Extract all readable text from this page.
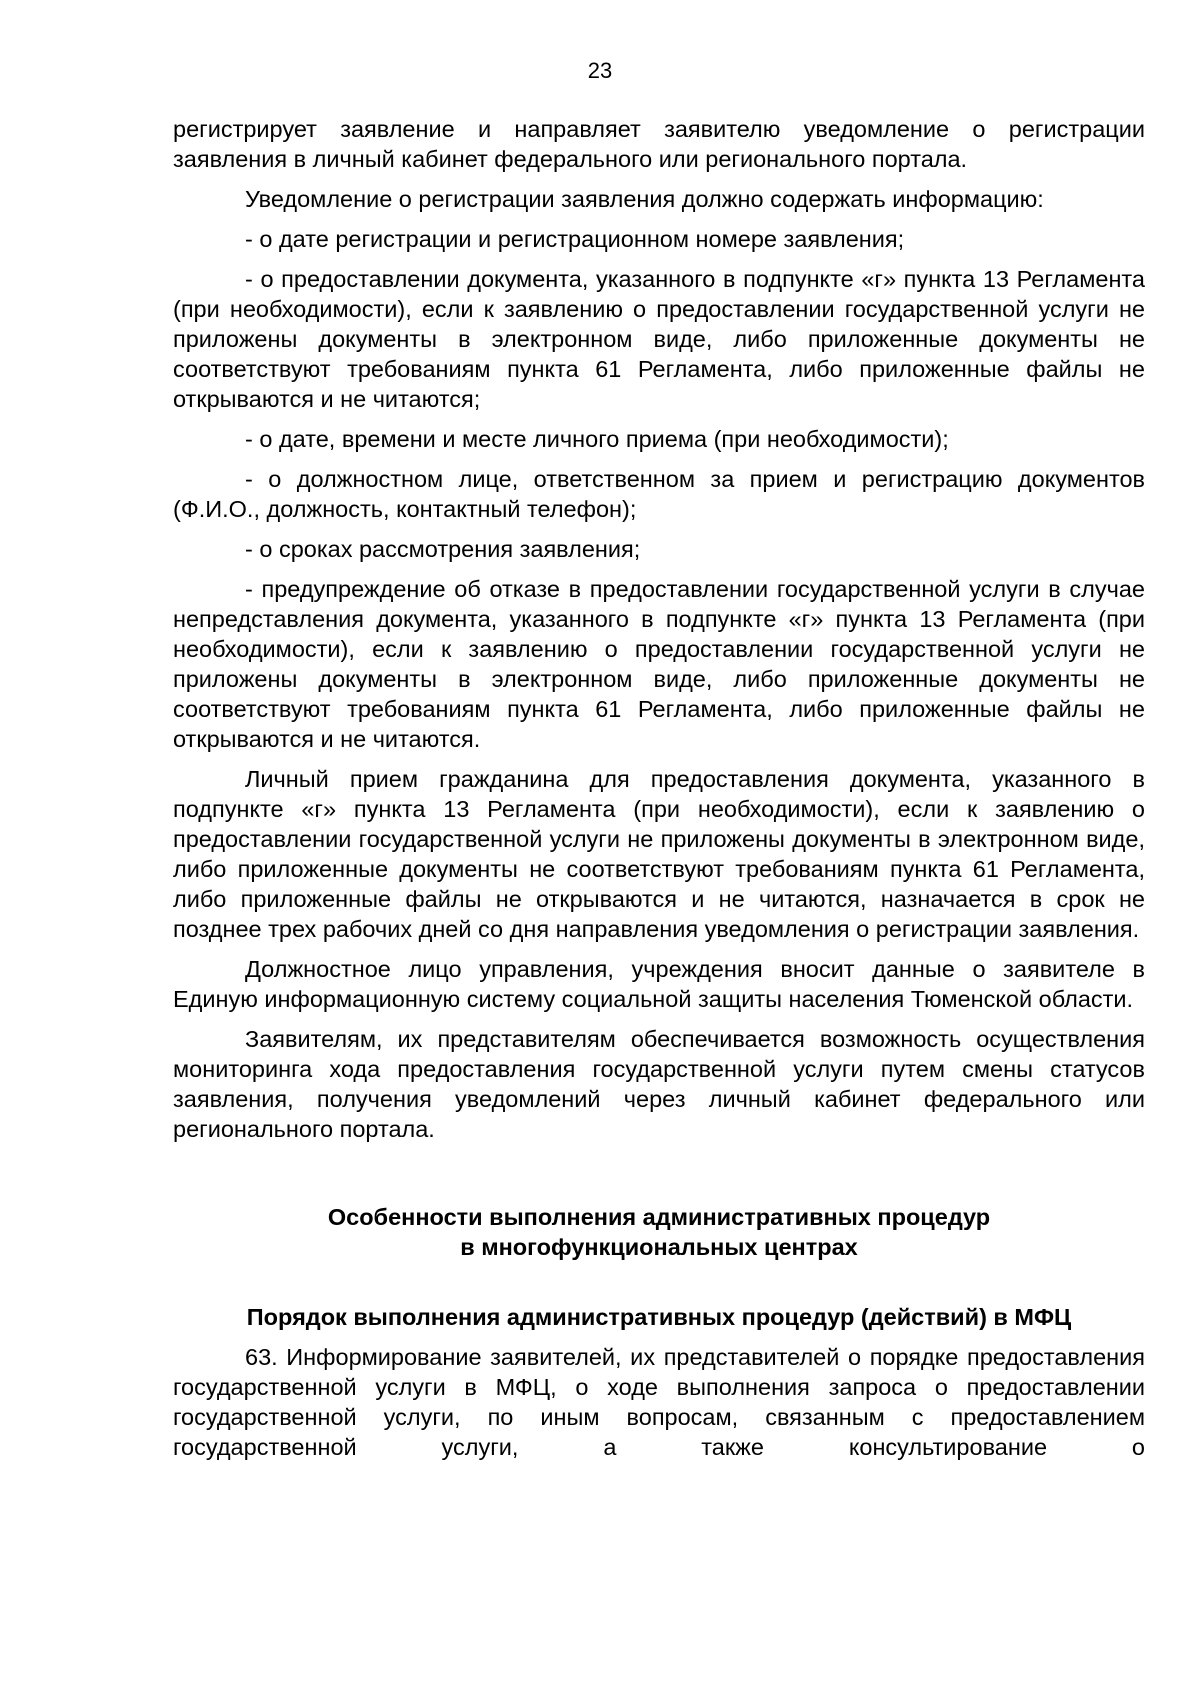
23

регистрирует заявление и направляет заявителю уведомление о регистрации заявления в личный кабинет федерального или регионального портала.

Уведомление о регистрации заявления должно содержать информацию:

- о дате регистрации и регистрационном номере заявления;

- о предоставлении документа, указанного в подпункте «г» пункта 13 Регламента (при необходимости), если к заявлению о предоставлении государственной услуги не приложены документы в электронном виде, либо приложенные документы не соответствуют требованиям пункта 61 Регламента, либо приложенные файлы не открываются и не читаются;

- о дате, времени и месте личного приема (при необходимости);

- о должностном лице, ответственном за прием и регистрацию документов (Ф.И.О., должность, контактный телефон);

- о сроках рассмотрения заявления;

- предупреждение об отказе в предоставлении государственной услуги в случае непредставления документа, указанного в подпункте «г» пункта 13 Регламента (при необходимости), если к заявлению о предоставлении государственной услуги не приложены документы в электронном виде, либо приложенные документы не соответствуют требованиям пункта 61 Регламента, либо приложенные файлы не открываются и не читаются.

Личный прием гражданина для предоставления документа, указанного в подпункте «г» пункта 13 Регламента (при необходимости), если к заявлению о предоставлении государственной услуги не приложены документы в электронном виде, либо приложенные документы не соответствуют требованиям пункта 61 Регламента, либо приложенные файлы не открываются и не читаются, назначается в срок не позднее трех рабочих дней со дня направления уведомления о регистрации заявления.

Должностное лицо управления, учреждения вносит данные о заявителе в Единую информационную систему социальной защиты населения Тюменской области.

Заявителям, их представителям обеспечивается возможность осуществления мониторинга хода предоставления государственной услуги путем смены статусов заявления, получения уведомлений через личный кабинет федерального или регионального портала.

Особенности выполнения административных процедур
в многофункциональных центрах
Порядок выполнения административных процедур (действий) в МФЦ

63. Информирование заявителей, их представителей о порядке предоставления государственной услуги в МФЦ, о ходе выполнения запроса о предоставлении государственной услуги, по иным вопросам, связанным с предоставлением государственной услуги, а также консультирование о
